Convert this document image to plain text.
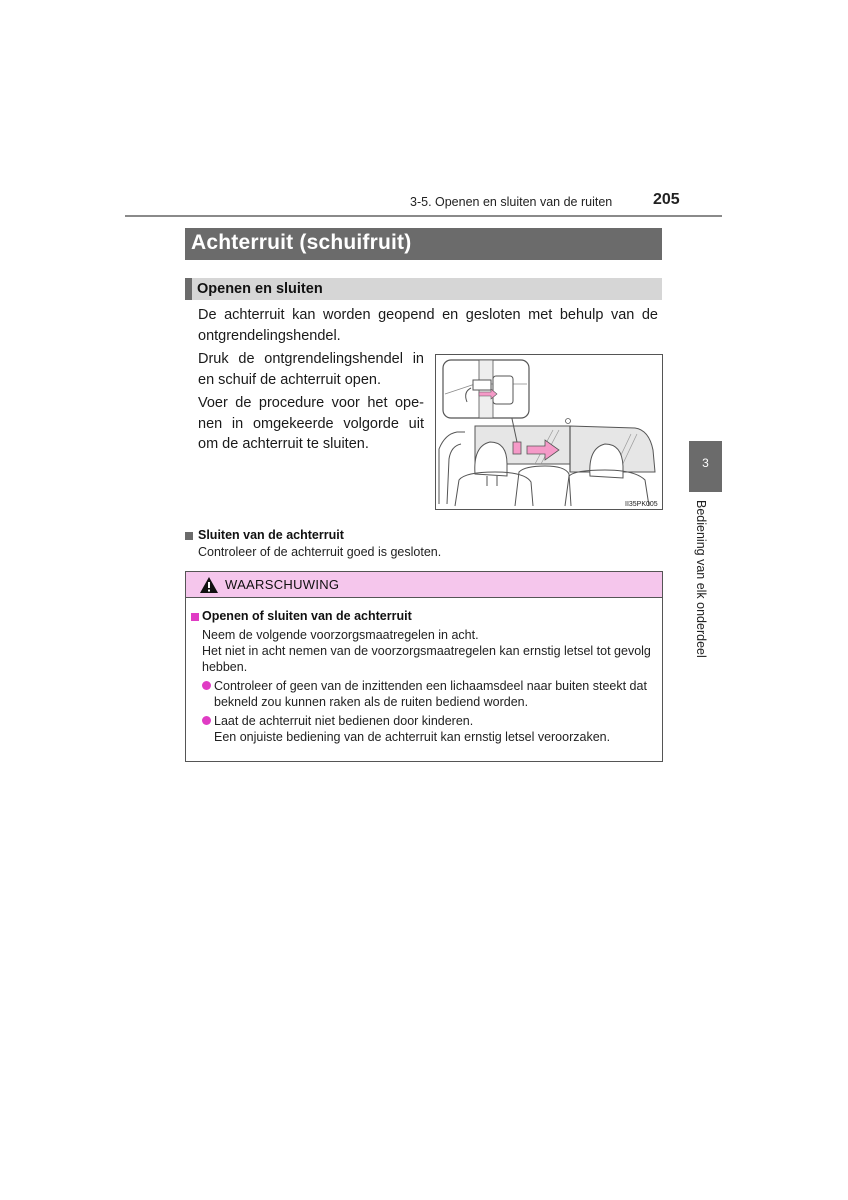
3-5. Openen en sluiten van de ruiten	205
3
Bediening van elk onderdeel
Achterruit (schuifruit)
Openen en sluiten
De achterruit kan worden geopend en gesloten met behulp van de ontgrendelingshendel.
Druk de ontgrendelingshendel in en schuif de achterruit open.
Voer de procedure voor het ope-nen in omgekeerde volgorde uit om de achterruit te sluiten.
II35PK005
Sluiten van de achterruit
Controleer of de achterruit goed is gesloten.
WAARSCHUWING
Openen of sluiten van de achterruit
Neem de volgende voorzorgsmaatregelen in acht.
Het niet in acht nemen van de voorzorgsmaatregelen kan ernstig letsel tot gevolg hebben.
Controleer of geen van de inzittenden een lichaamsdeel naar buiten steekt dat bekneld zou kunnen raken als de ruiten bediend worden.
Laat de achterruit niet bedienen door kinderen.
Een onjuiste bediening van de achterruit kan ernstig letsel veroorzaken.
